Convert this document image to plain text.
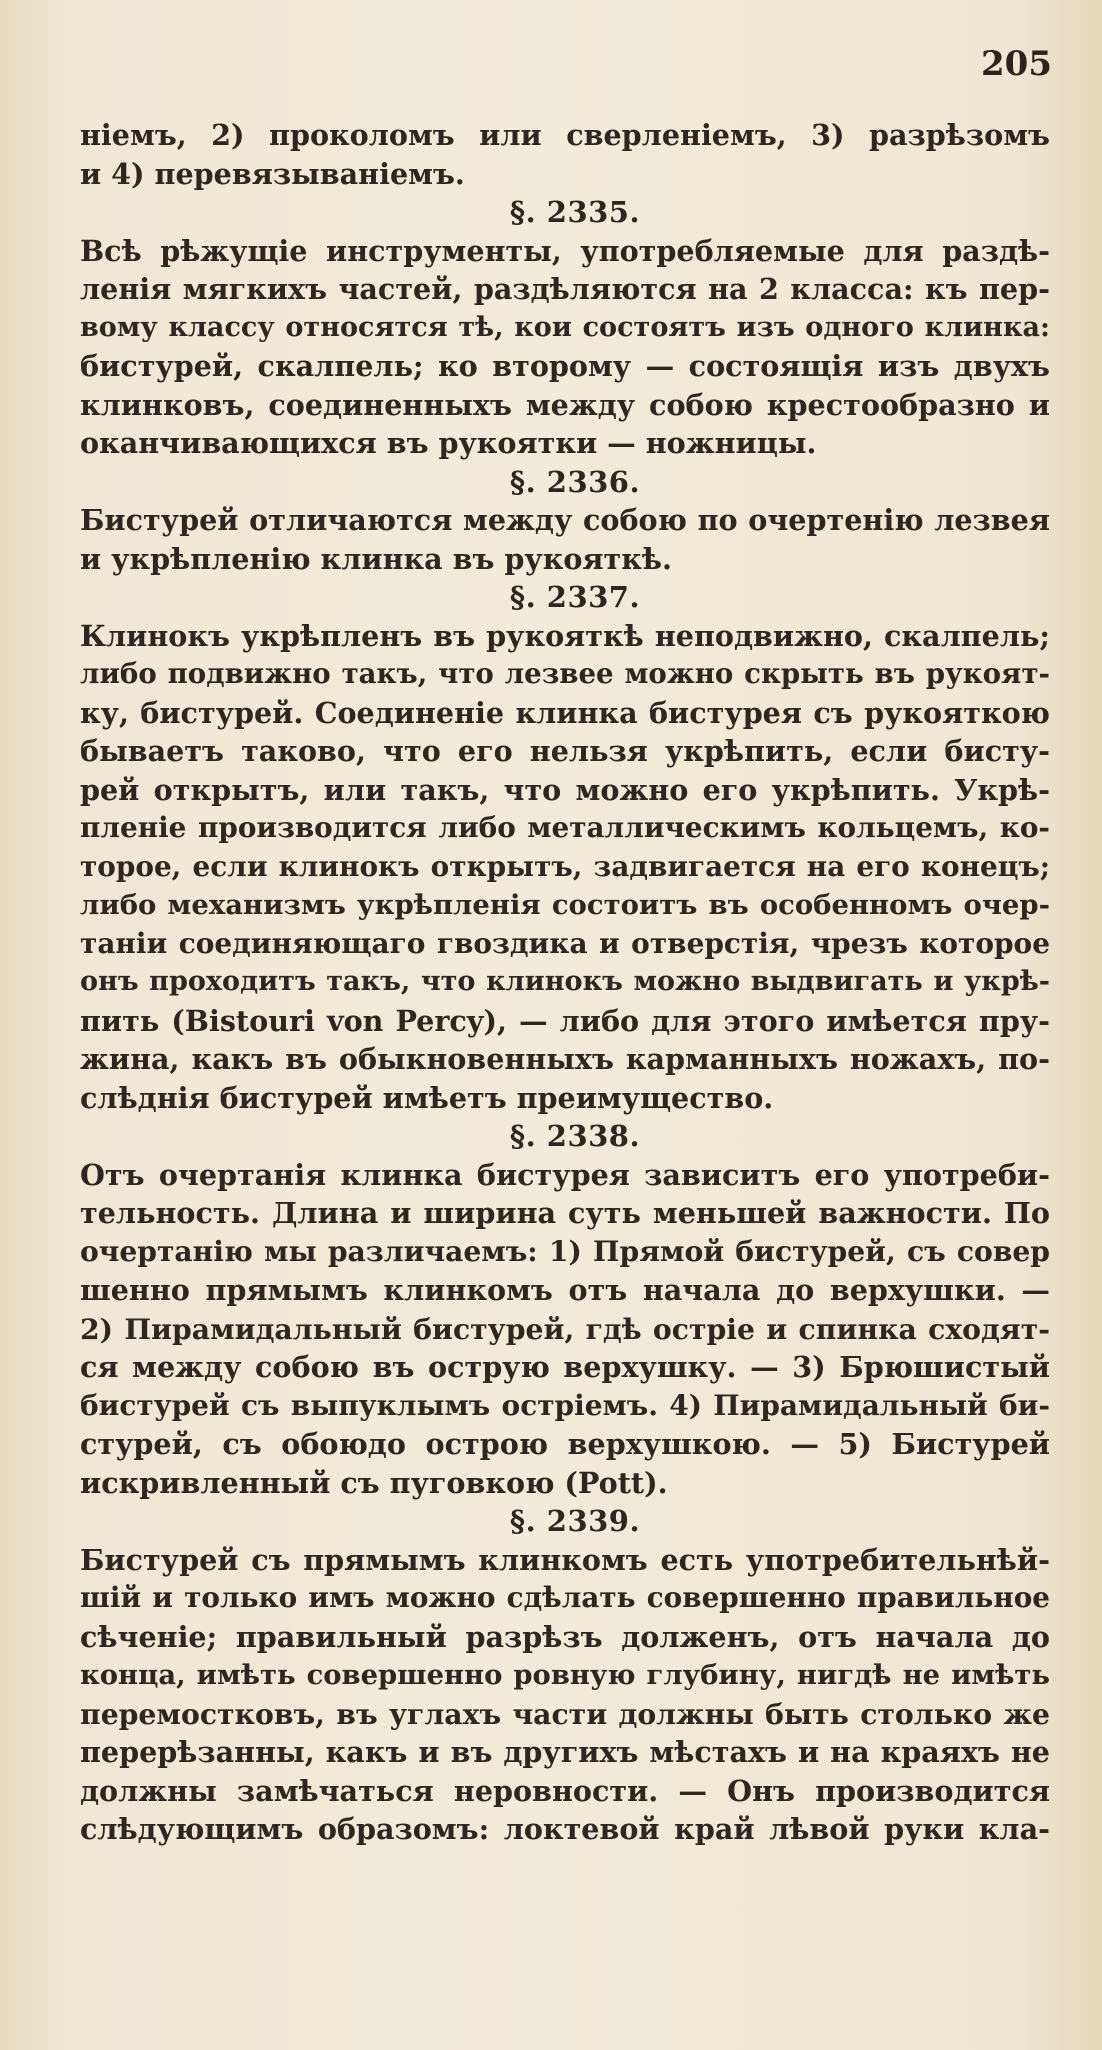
205
ніемъ, 2) проколомъ или сверленіемъ, 3) разрѣзомъ
и 4) перевязываніемъ.
§. 2335.
Всѣ рѣжущіе инструменты, употребляемые для раздѣ-
ленія мягкихъ частей, раздѣляются на 2 класса: къ пер-
вому классу относятся тѣ, кои состоятъ изъ одного клинка:
бистурей, скалпель; ко второму — состоящія изъ двухъ
клинковъ, соединенныхъ между собою крестообразно и
оканчивающихся въ рукоятки — ножницы.
§. 2336.
Бистурей отличаются между собою по очертенію лезвея
и укрѣпленію клинка въ рукояткѣ.
§. 2337.
Клинокъ укрѣпленъ въ рукояткѣ неподвижно, скалпель;
либо подвижно такъ, что лезвее можно скрыть въ рукоят-
ку, бистурей. Соединеніе клинка бистурея съ рукояткою
бываетъ таково, что его нельзя укрѣпить, если бисту-
рей открытъ, или такъ, что можно его укрѣпить. Укрѣ-
пленіе производится либо металлическимъ кольцемъ, ко-
торое, если клинокъ открытъ, задвигается на его конецъ;
либо механизмъ укрѣпленія состоитъ въ особенномъ очер-
таніи соединяющаго гвоздика и отверстія, чрезъ которое
онъ проходитъ такъ, что клинокъ можно выдвигать и укрѣ-
пить (Bistouri von Percy), — либо для этого имѣется пру-
жина, какъ въ обыкновенныхъ карманныхъ ножахъ, по-
слѣднія бистурей имѣетъ преимущество.
§. 2338.
Отъ очертанія клинка бистурея зависитъ его употреби-
тельность. Длина и ширина суть меньшей важности. По
очертанію мы различаемъ: 1) Прямой бистурей, съ совер
шенно прямымъ клинкомъ отъ начала до верхушки. —
2) Пирамидальный бистурей, гдѣ остріе и спинка сходят-
ся между собою въ острую верхушку. — 3) Брюшистый
бистурей съ выпуклымъ остріемъ. 4) Пирамидальный би-
стурей, съ обоюдо острою верхушкою. — 5) Бистурей
искривленный съ пуговкою (Pott).
§. 2339.
Бистурей съ прямымъ клинкомъ есть употребительнѣй-
шій и только имъ можно сдѣлать совершенно правильное
сѣченіе; правильный разрѣзъ долженъ, отъ начала до
конца, имѣть совершенно ровную глубину, нигдѣ не имѣть
перемостковъ, въ углахъ части должны быть столько же
перерѣзанны, какъ и въ другихъ мѣстахъ и на краяхъ не
должны замѣчаться неровности. — Онъ производится
слѣдующимъ образомъ: локтевой край лѣвой руки кла-
